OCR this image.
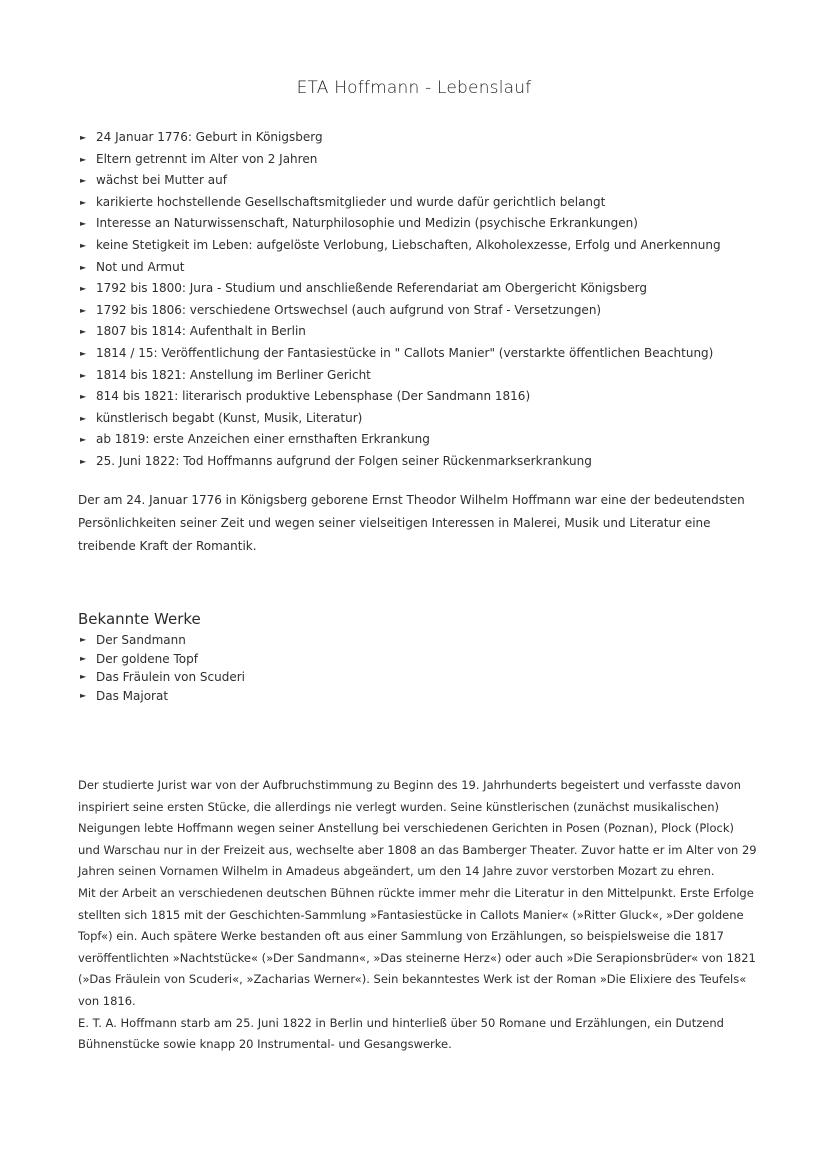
ETA Hoffmann - Lebenslauf
► 24 Januar 1776: Geburt in Königsberg
► Eltern getrennt im Alter von 2 Jahren
► wächst bei Mutter auf
► karikierte hochstellende Gesellschaftsmitglieder und wurde dafür gerichtlich belangt
► Interesse an Naturwissenschaft, Naturphilosophie und Medizin (psychische Erkrankungen)
► keine Stetigkeit im Leben: aufgelöste Verlobung, Liebschaften, Alkoholexzesse, Erfolg und Anerkennung
► Not und Armut
► 1792 bis 1800: Jura - Studium und anschließende Referendariat am Obergericht Königsberg
► 1792 bis 1806: verschiedene Ortswechsel (auch aufgrund von Straf - Versetzungen)
► 1807 bis 1814: Aufenthalt in Berlin
► 1814 / 15: Veröffentlichung der Fantasiestücke in " Callots Manier" (verstarkte öffentlichen Beachtung)
► 1814 bis 1821: Anstellung im Berliner Gericht
► 814 bis 1821: literarisch produktive Lebensphase (Der Sandmann 1816)
► künstlerisch begabt (Kunst, Musik, Literatur)
► ab 1819: erste Anzeichen einer ernsthaften Erkrankung
► 25. Juni 1822: Tod Hoffmanns aufgrund der Folgen seiner Rückenmarkserkrankung

Der am 24. Januar 1776 in Königsberg geborene Ernst Theodor Wilhelm Hoffmann war eine der bedeutendsten Persönlichkeiten seiner Zeit und wegen seiner vielseitigen Interessen in Malerei, Musik und Literatur eine treibende Kraft der Romantik.

Bekannte Werke
► Der Sandmann
► Der goldene Topf
► Das Fräulein von Scuderi
► Das Majorat

Der studierte Jurist war von der Aufbruchstimmung zu Beginn des 19. Jahrhunderts begeistert und verfasste davon inspiriert seine ersten Stücke, die allerdings nie verlegt wurden. Seine künstlerischen (zunächst musikalischen) Neigungen lebte Hoffmann wegen seiner Anstellung bei verschiedenen Gerichten in Posen (Poznan), Plock (Plock) und Warschau nur in der Freizeit aus, wechselte aber 1808 an das Bamberger Theater. Zuvor hatte er im Alter von 29 Jahren seinen Vornamen Wilhelm in Amadeus abgeändert, um den 14 Jahre zuvor verstorben Mozart zu ehren.

Mit der Arbeit an verschiedenen deutschen Bühnen rückte immer mehr die Literatur in den Mittelpunkt. Erste Erfolge stellten sich 1815 mit der Geschichten-Sammlung »Fantasiestücke in Callots Manier« (»Ritter Gluck«, »Der goldene Topf«) ein. Auch spätere Werke bestanden oft aus einer Sammlung von Erzählungen, so beispielsweise die 1817 veröffentlichten »Nachtstücke« (»Der Sandmann«, »Das steinerne Herz«) oder auch »Die Serapionsbrüder« von 1821 (»Das Fräulein von Scuderi«, »Zacharias Werner«). Sein bekanntestes Werk ist der Roman »Die Elixiere des Teufels« von 1816.

E. T. A. Hoffmann starb am 25. Juni 1822 in Berlin und hinterließ über 50 Romane und Erzählungen, ein Dutzend Bühnenstücke sowie knapp 20 Instrumental- und Gesangswerke.
